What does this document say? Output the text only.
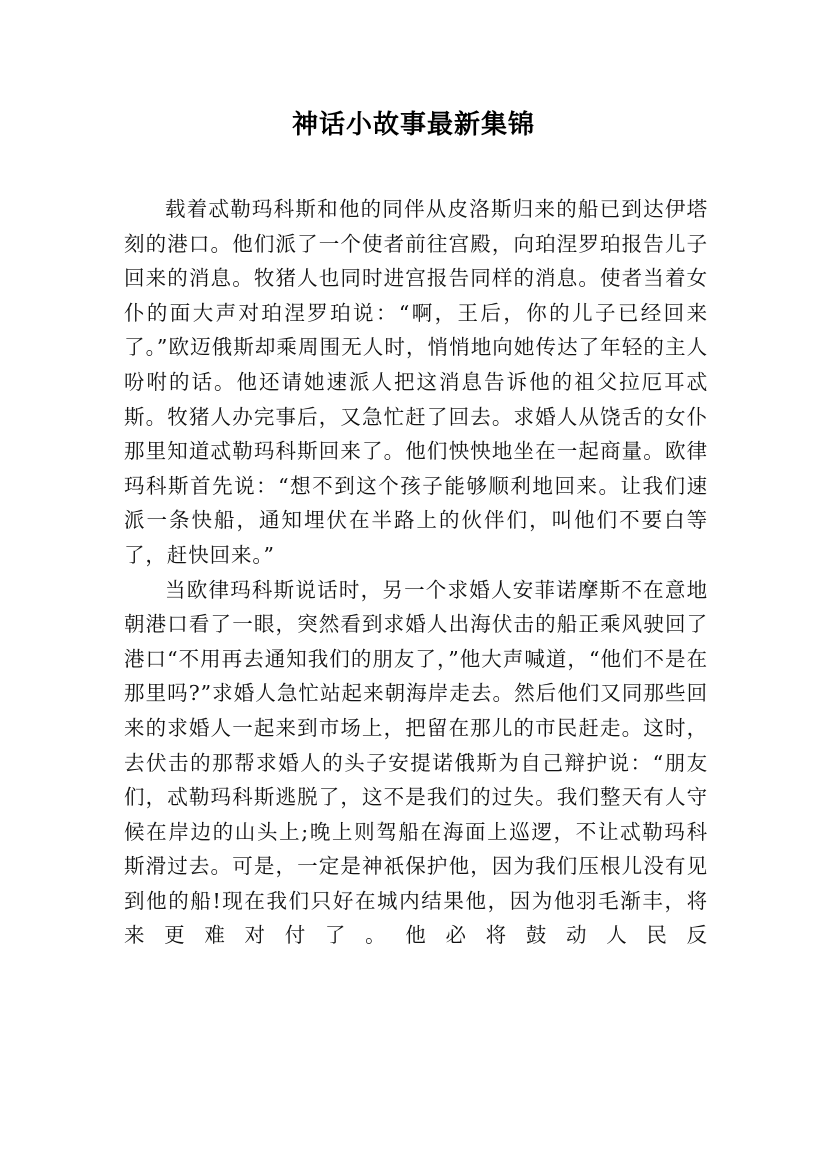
神话小故事最新集锦

载着忒勒玛科斯和他的同伴从皮洛斯归来的船已到达伊塔刻的港口。他们派了一个使者前往宫殿，向珀涅罗珀报告儿子回来的消息。牧猪人也同时进宫报告同样的消息。使者当着女仆的面大声对珀涅罗珀说：“啊，王后，你的儿子已经回来了。”欧迈俄斯却乘周围无人时，悄悄地向她传达了年轻的主人吩咐的话。他还请她速派人把这消息告诉他的祖父拉厄耳忒斯。牧猪人办完事后，又急忙赶了回去。求婚人从饶舌的女仆那里知道忒勒玛科斯回来了。他们怏怏地坐在一起商量。欧律玛科斯首先说：“想不到这个孩子能够顺利地回来。让我们速派一条快船，通知埋伏在半路上的伙伴们，叫他们不要白等了，赶快回来。”

当欧律玛科斯说话时，另一个求婚人安菲诺摩斯不在意地朝港口看了一眼，突然看到求婚人出海伏击的船正乘风驶回了港口“不用再去通知我们的朋友了，”他大声喊道，“他们不是在那里吗?”求婚人急忙站起来朝海岸走去。然后他们又同那些回来的求婚人一起来到市场上，把留在那儿的市民赶走。这时，去伏击的那帮求婚人的头子安提诺俄斯为自己辩护说：“朋友们，忒勒玛科斯逃脱了，这不是我们的过失。我们整天有人守候在岸边的山头上;晚上则驾船在海面上巡逻，不让忒勒玛科斯滑过去。可是，一定是神祇保护他，因为我们压根儿没有见到他的船!现在我们只好在城内结果他，因为他羽毛渐丰，将来更难对付了。他必将鼓动人民反
